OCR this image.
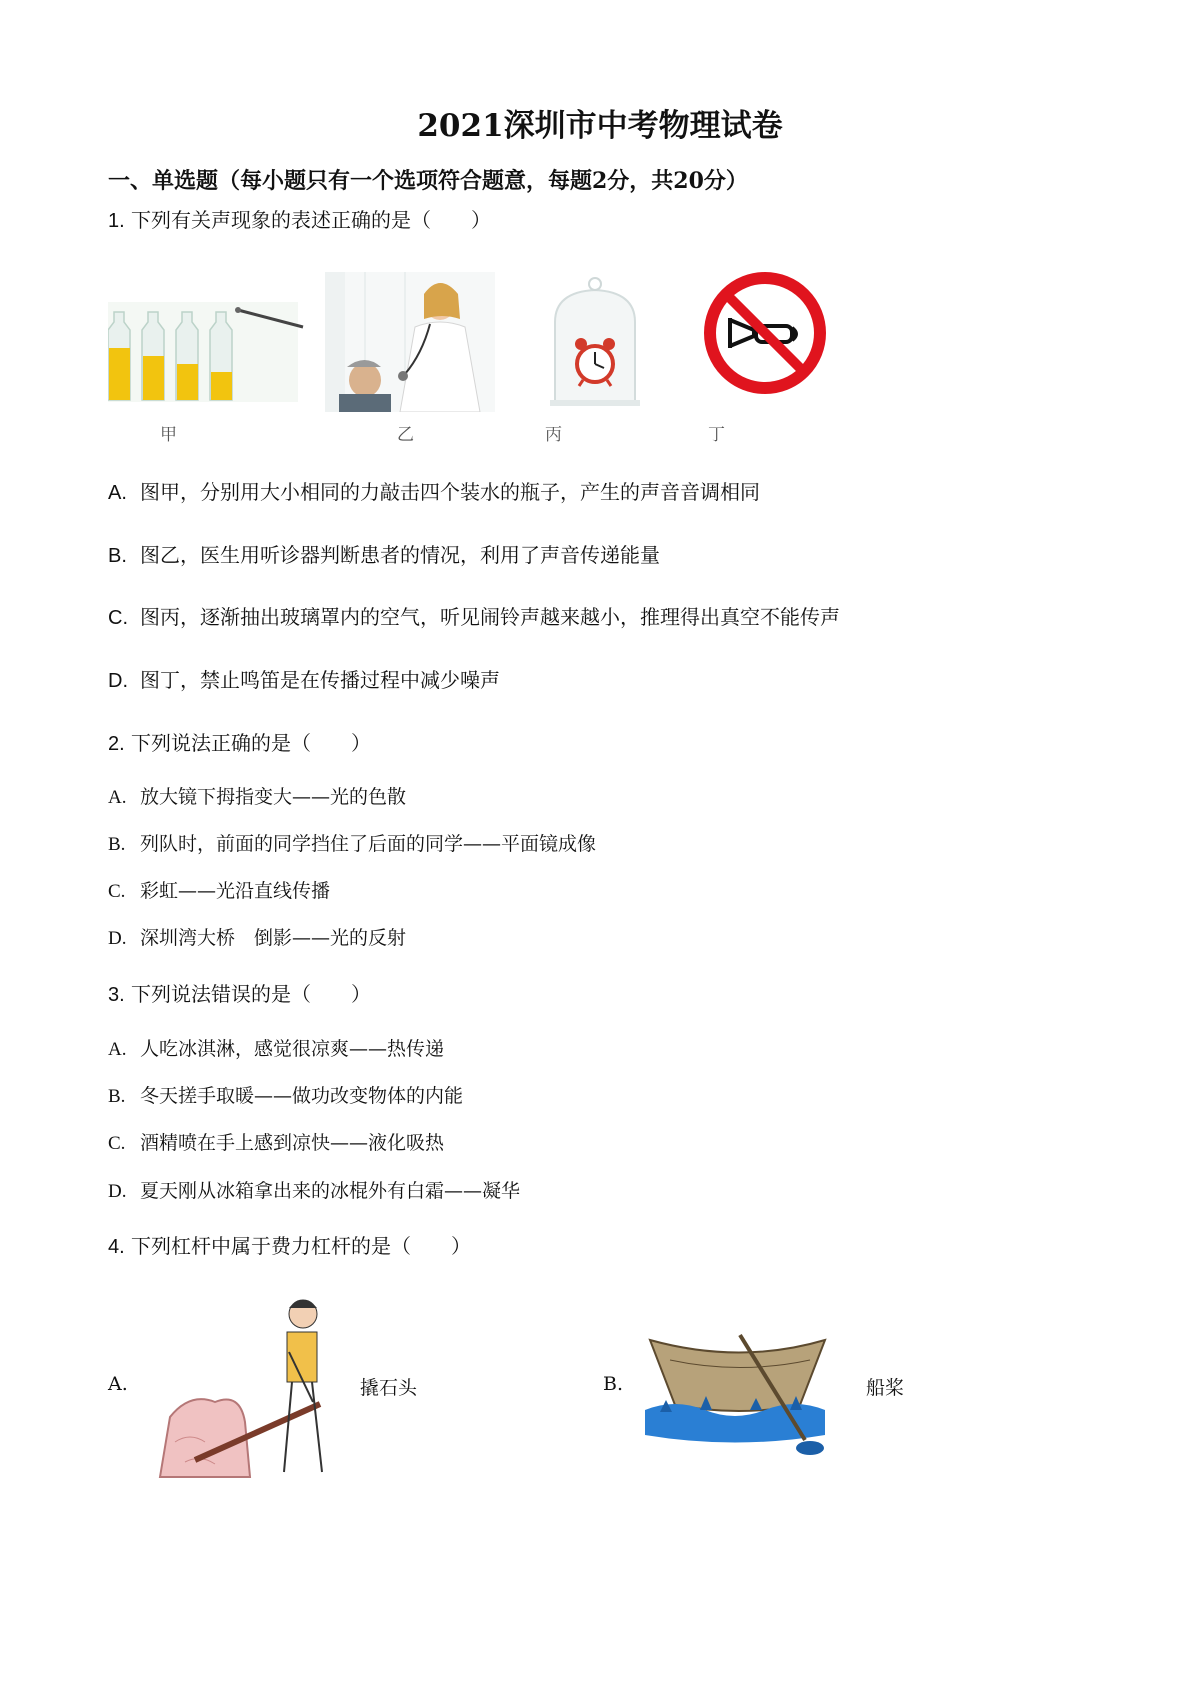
2021深圳市中考物理试卷
一、单选题（每小题只有一个选项符合题意，每题2分，共20分）
1. 下列有关声现象的表述正确的是（　　）
甲	乙	丙	丁
A. 图甲，分别用大小相同的力敲击四个装水的瓶子，产生的声音音调相同
B. 图乙，医生用听诊器判断患者的情况，利用了声音传递能量
C. 图丙，逐渐抽出玻璃罩内的空气，听见闹铃声越来越小，推理得出真空不能传声
D. 图丁，禁止鸣笛是在传播过程中减少噪声
2. 下列说法正确的是（　　）
A. 放大镜下拇指变大——光的色散
B. 列队时，前面的同学挡住了后面的同学——平面镜成像
C. 彩虹——光沿直线传播
D. 深圳湾大桥　倒影——光的反射
3. 下列说法错误的是（　　）
A. 人吃冰淇淋，感觉很凉爽——热传递
B. 冬天搓手取暖——做功改变物体的内能
C. 酒精喷在手上感到凉快——液化吸热
D. 夏天刚从冰箱拿出来的冰棍外有白霜——凝华
4. 下列杠杆中属于费力杠杆的是（　　）
A.	撬石头	B.	船桨
